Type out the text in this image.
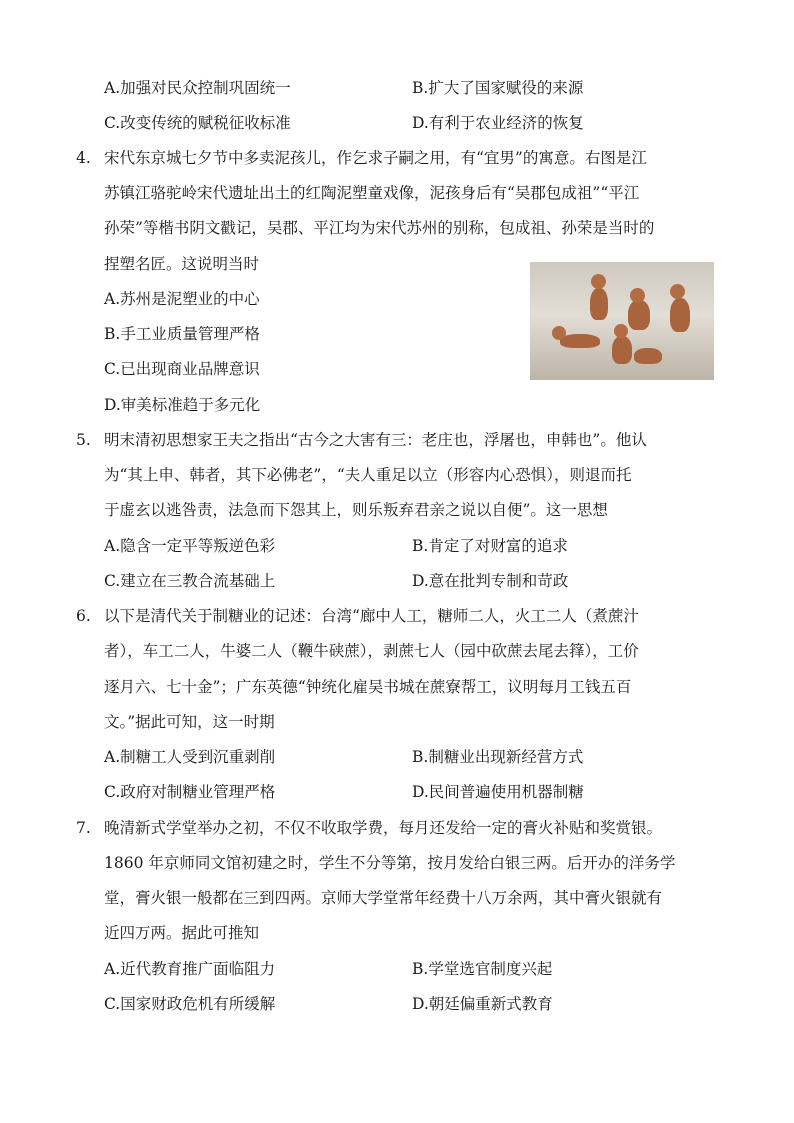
A.加强对民众控制巩固统一	B.扩大了国家赋役的来源
C.改变传统的赋税征收标准	D.有利于农业经济的恢复
4. 宋代东京城七夕节中多卖泥孩儿，作乞求子嗣之用，有“宜男”的寓意。右图是江
苏镇江骆驼岭宋代遗址出土的红陶泥塑童戏像，泥孩身后有“吴郡包成祖”“平江
孙荣”等楷书阴文戳记，吴郡、平江均为宋代苏州的别称，包成祖、孙荣是当时的
捏塑名匠。这说明当时
A.苏州是泥塑业的中心
B.手工业质量管理严格
C.已出现商业品牌意识
D.审美标准趋于多元化
5. 明末清初思想家王夫之指出“古今之大害有三：老庄也，浮屠也，申韩也”。他认
为“其上申、韩者，其下必佛老”，“夫人重足以立（形容内心恐惧），则退而托
于虚玄以逃咎责，法急而下怨其上，则乐叛弃君亲之说以自便”。这一思想
A.隐含一定平等叛逆色彩	B.肯定了对财富的追求
C.建立在三教合流基础上	D.意在批判专制和苛政
6. 以下是清代关于制糖业的记述：台湾“廊中人工，糖师二人，火工二人（煮蔗汁
者），车工二人，牛婆二人（鞭牛硖蔗），剥蔗七人（园中砍蔗去尾去箨），工价
逐月六、七十金”；广东英德“钟统化雇吴书城在蔗寮帮工，议明每月工钱五百
文。”据此可知，这一时期
A.制糖工人受到沉重剥削	B.制糖业出现新经营方式
C.政府对制糖业管理严格	D.民间普遍使用机器制糖
7. 晚清新式学堂举办之初，不仅不收取学费，每月还发给一定的膏火补贴和奖赏银。
1860 年京师同文馆初建之时，学生不分等第，按月发给白银三两。后开办的洋务学
堂，膏火银一般都在三到四两。京师大学堂常年经费十八万余两，其中膏火银就有
近四万两。据此可推知
A.近代教育推广面临阻力	B.学堂选官制度兴起
C.国家财政危机有所缓解	D.朝廷偏重新式教育
